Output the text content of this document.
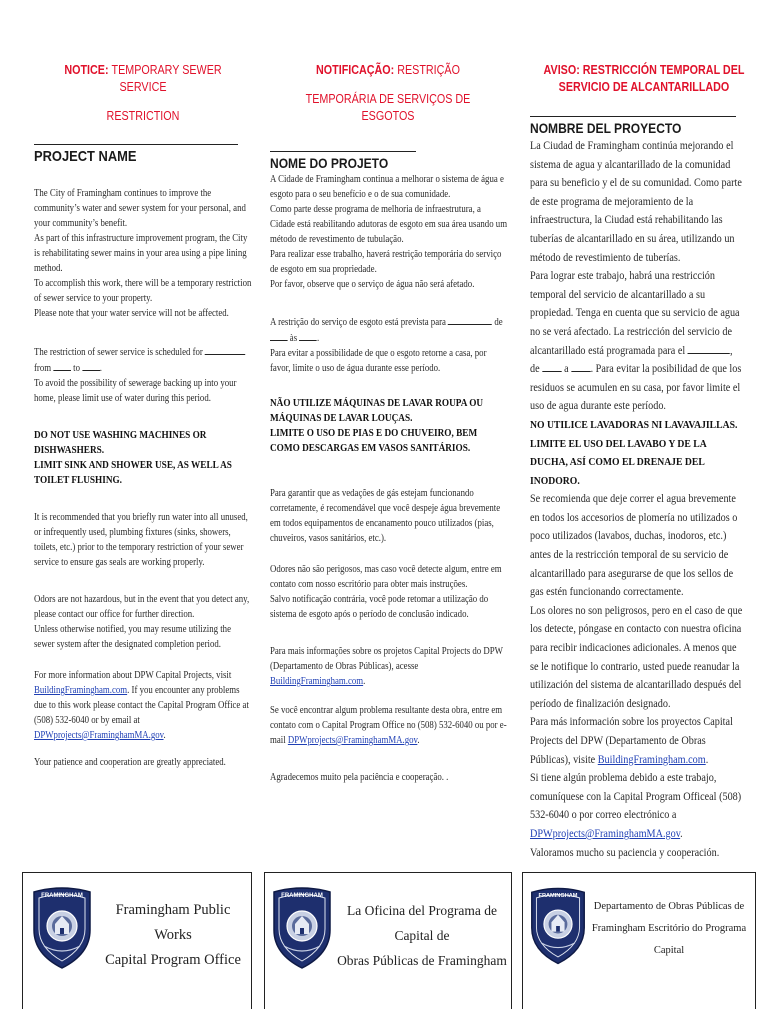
NOTICE: TEMPORARY SEWER SERVICE
RESTRICTION
PROJECT NAME

The City of Framingham continues to improve the community’s water and sewer system for your personal, and your community’s benefit.

As part of this infrastructure improvement program, the City is rehabilitating sewer mains in your area using a pipe lining method.

To accomplish this work, there will be a temporary restriction of sewer service to your property.

Please note that your water service will not be affected.

The restriction of sewer service is scheduled for  from to .

To avoid the possibility of sewerage backing up into your home, please limit use of water during this period.

DO NOT USE WASHING MACHINES OR DISHWASHERS.

LIMIT SINK AND SHOWER USE, AS WELL AS TOILET FLUSHING.

It is recommended that you briefly run water into all unused, or infrequently used, plumbing fixtures (sinks, showers, toilets, etc.) prior to the temporary restriction of your sewer service to ensure gas seals are working properly.

Odors are not hazardous, but in the event that you detect any, please contact our office for further direction.

Unless otherwise notified, you may resume utilizing the sewer system after the designated completion period.

For more information about DPW Capital Projects, visit BuildingFramingham.com. If you encounter any problems due to this work please contact the Capital Program Office at (508) 532-6040 or by email at DPWprojects@FraminghamMA.gov.

Your patience and cooperation are greatly appreciated.

NOTIFICAÇÃO: RESTRIÇÃO
TEMPORÁRIA DE SERVIÇOS DE ESGOTOS
NOME DO PROJETO

A Cidade de Framingham continua a melhorar o sistema de água e esgoto para o seu benefício e o de sua comunidade.

Como parte desse programa de melhoria de infraestrutura, a Cidade está reabilitando adutoras de esgoto em sua área usando um método de revestimento de tubulação.

Para realizar esse trabalho, haverá restrição temporária do serviço de esgoto em sua propriedade.

Por favor, observe que o serviço de água não será afetado.

A restrição do serviço de esgoto está prevista para	de
às .

Para evitar a possibilidade de que o esgoto retorne a casa, por favor, limite o uso de água durante esse período.

NÃO UTILIZE MÁQUINAS DE LAVAR ROUPA OU MÁQUINAS DE LAVAR LOUÇAS.

LIMITE O USO DE PIAS E DO CHUVEIRO, BEM COMO DESCARGAS EM VASOS SANITÁRIOS.

Para garantir que as vedações de gás estejam funcionando corretamente, é recomendável que você despeje água brevemente em todos equipamentos de encanamento pouco utilizados (pias, chuveiros, vasos sanitários, etc.).

Odores não são perigosos, mas caso você detecte algum, entre em contato com nosso escritório para obter mais instruções.

Salvo notificação contrária, você pode retomar a utilização do sistema de esgoto após o período de conclusão indicado.

Para mais informações sobre os projetos Capital Projects do DPW (Departamento de Obras Públicas), acesse BuildingFramingham.com.

Se você encontrar algum problema resultante desta obra, entre em contato com o Capital Program Office no (508) 532-6040 ou por e-mail DPWprojects@FraminghamMA.gov.

Agradecemos muito pela paciência e cooperação. .

AVISO: RESTRICCIÓN TEMPORAL DEL SERVICIO DE ALCANTARILLADO
NOMBRE DEL PROYECTO

La Ciudad de Framingham continúa mejorando el sistema de agua y alcantarillado de la comunidad para su beneficio y el de su comunidad. Como parte de este programa de mejoramiento de la infraestructura, la Ciudad está rehabilitando las tuberías de alcantarillado en su área, utilizando un método de revestimiento de tuberías.

Para lograr este trabajo, habrá una restricción temporal del servicio de alcantarillado a su propiedad. Tenga en cuenta que su servicio de agua no se verá afectado. La restricción del servicio de alcantarillado está programada para el	, de a . Para evitar la posibilidad de que los residuos se acumulen en su casa, por favor limite el uso de agua durante este período.

NO UTILICE LAVADORAS NI LAVAVAJILLAS. LIMITE EL USO DEL LAVABO Y DE LA DUCHA, ASÍ COMO EL DRENAJE DEL INODORO.

Se recomienda que deje correr el agua brevemente en todos los accesorios de plomería no utilizados o poco utilizados (lavabos, duchas, inodoros, etc.) antes de la restricción temporal de su servicio de alcantarillado para asegurarse de que los sellos de gas estén funcionando correctamente.

Los olores no son peligrosos, pero en el caso de que los detecte, póngase en contacto con nuestra oficina para recibir indicaciones adicionales. A menos que se le notifique lo contrario, usted puede reanudar la utilización del sistema de alcantarillado después del período de finalización designado.

Para más información sobre los proyectos Capital Projects del DPW (Departamento de Obras Públicas), visite BuildingFramingham.com.

Si tiene algún problema debido a este trabajo, comuníquese con la Capital Program Officeal (508) 532-6040 o por correo electrónico a DPWprojects@FraminghamMA.gov.

Valoramos mucho su paciencia y cooperación.

FRAMINGHAM
Framingham Public Works
Capital Program Office
FRAMINGHAM
La Oficina del Programa de Capital de
Obras Públicas de Framingham
FRAMINGHAM
Departamento de Obras Públicas de
Framingham Escritório do Programa Capital
